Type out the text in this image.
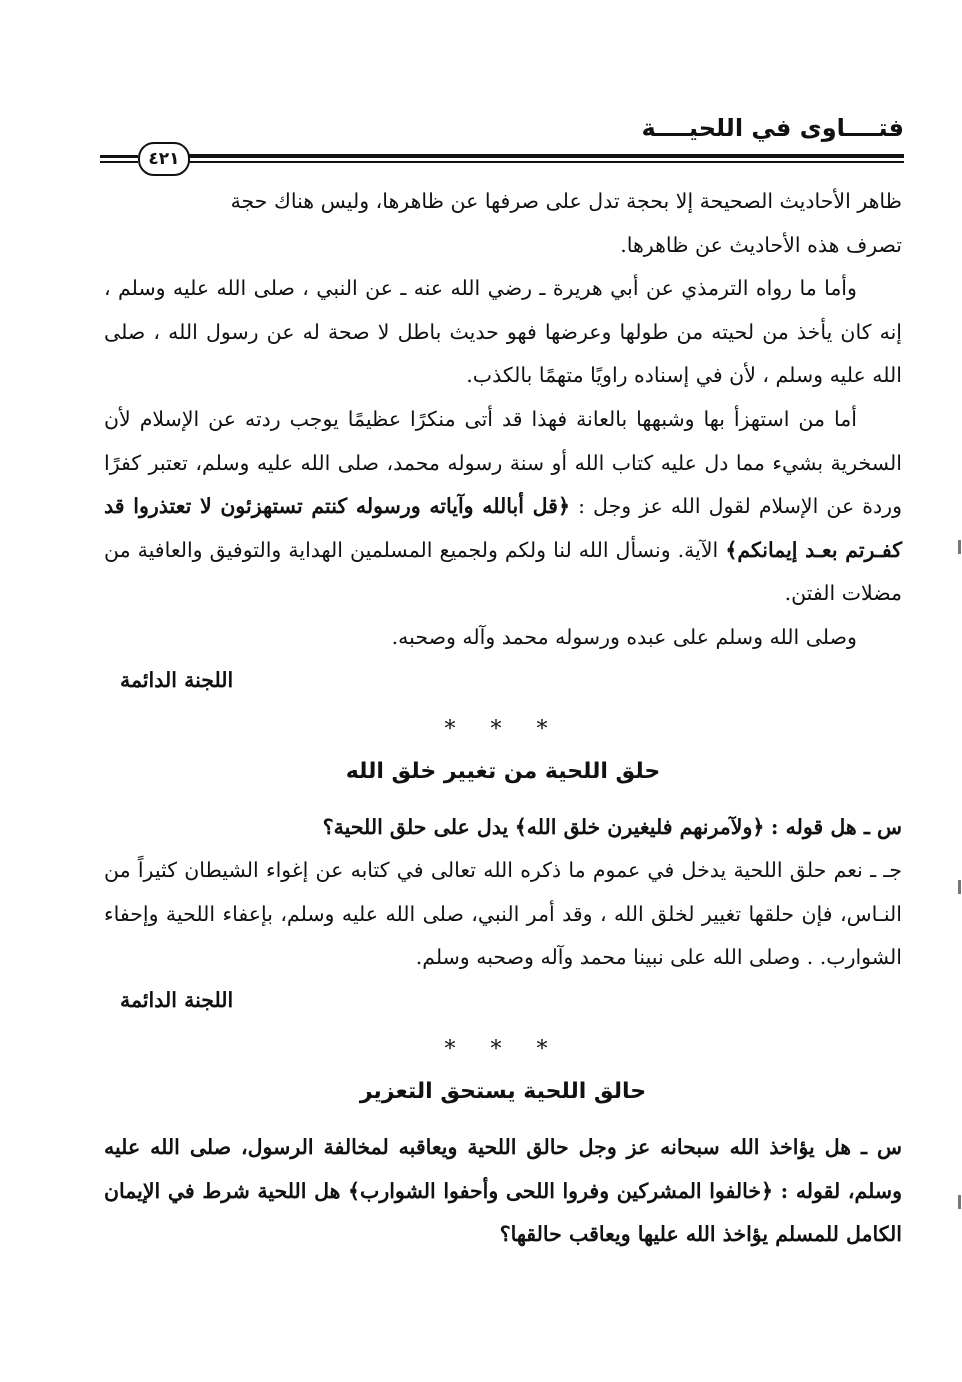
فتــــاوى في اللحيــــة
٤٢١

ظاهر الأحاديث الصحيحة إلا بحجة تدل على صرفها عن ظاهرها، وليس هناك حجة

تصرف هذه الأحاديث عن ظاهرها.

وأما ما رواه الترمذي عن أبي هريرة ـ رضي الله عنه ـ عن النبي ، صلى الله عليه وسلم ، إنه كان يأخذ من لحيته من طولها وعرضها فهو حديث باطل لا صحة له عن رسول الله ، صلى الله عليه وسلم ، لأن في إسناده راويًا متهمًا بالكذب.

أما من استهزأ بها وشبهها بالعانة فهذا قد أتى منكرًا عظيمًا يوجب ردته عن الإسلام لأن السخرية بشيء مما دل عليه كتاب الله أو سنة رسوله محمد، صلى الله عليه وسلم، تعتبر كفرًا وردة عن الإسلام لقول الله عز وجل : ﴿قل أبالله وآياته ورسوله كنتم تستهزئون لا تعتذروا قد كفـرتم بعـد إيمانكم﴾ الآية. ونسأل الله لنا ولكم ولجميع المسلمين الهداية والتوفيق والعافية من مضلات الفتن.

وصلى الله وسلم على عبده ورسوله محمد وآله وصحبه.

اللجنة الدائمة

* * *
حلق اللحية من تغيير خلق الله

س ـ هل قوله : ﴿ولآمرنهم فليغيرن خلق الله﴾ يدل على حلق اللحية؟

جـ ـ نعم حلق اللحية يدخل في عموم ما ذكره الله تعالى في كتابه عن إغواء الشيطان كثيراً من النـاس، فإن حلقها تغيير لخلق الله ، وقد أمر النبي، صلى الله عليه وسلم، بإعفاء اللحية وإحفاء الشوارب. . وصلى الله على نبينا محمد وآله وصحبه وسلم.

اللجنة الدائمة

* * *
حالق اللحية يستحق التعزير

س ـ هل يؤاخذ الله سبحانه عز وجل حالق اللحية ويعاقبه لمخالفة الرسول، صلى الله عليه وسلم، لقوله : ﴿خالفوا المشركين وفروا اللحى وأحفوا الشوارب﴾ هل اللحية شرط في الإيمان الكامل للمسلم يؤاخذ الله عليها ويعاقب حالقها؟
